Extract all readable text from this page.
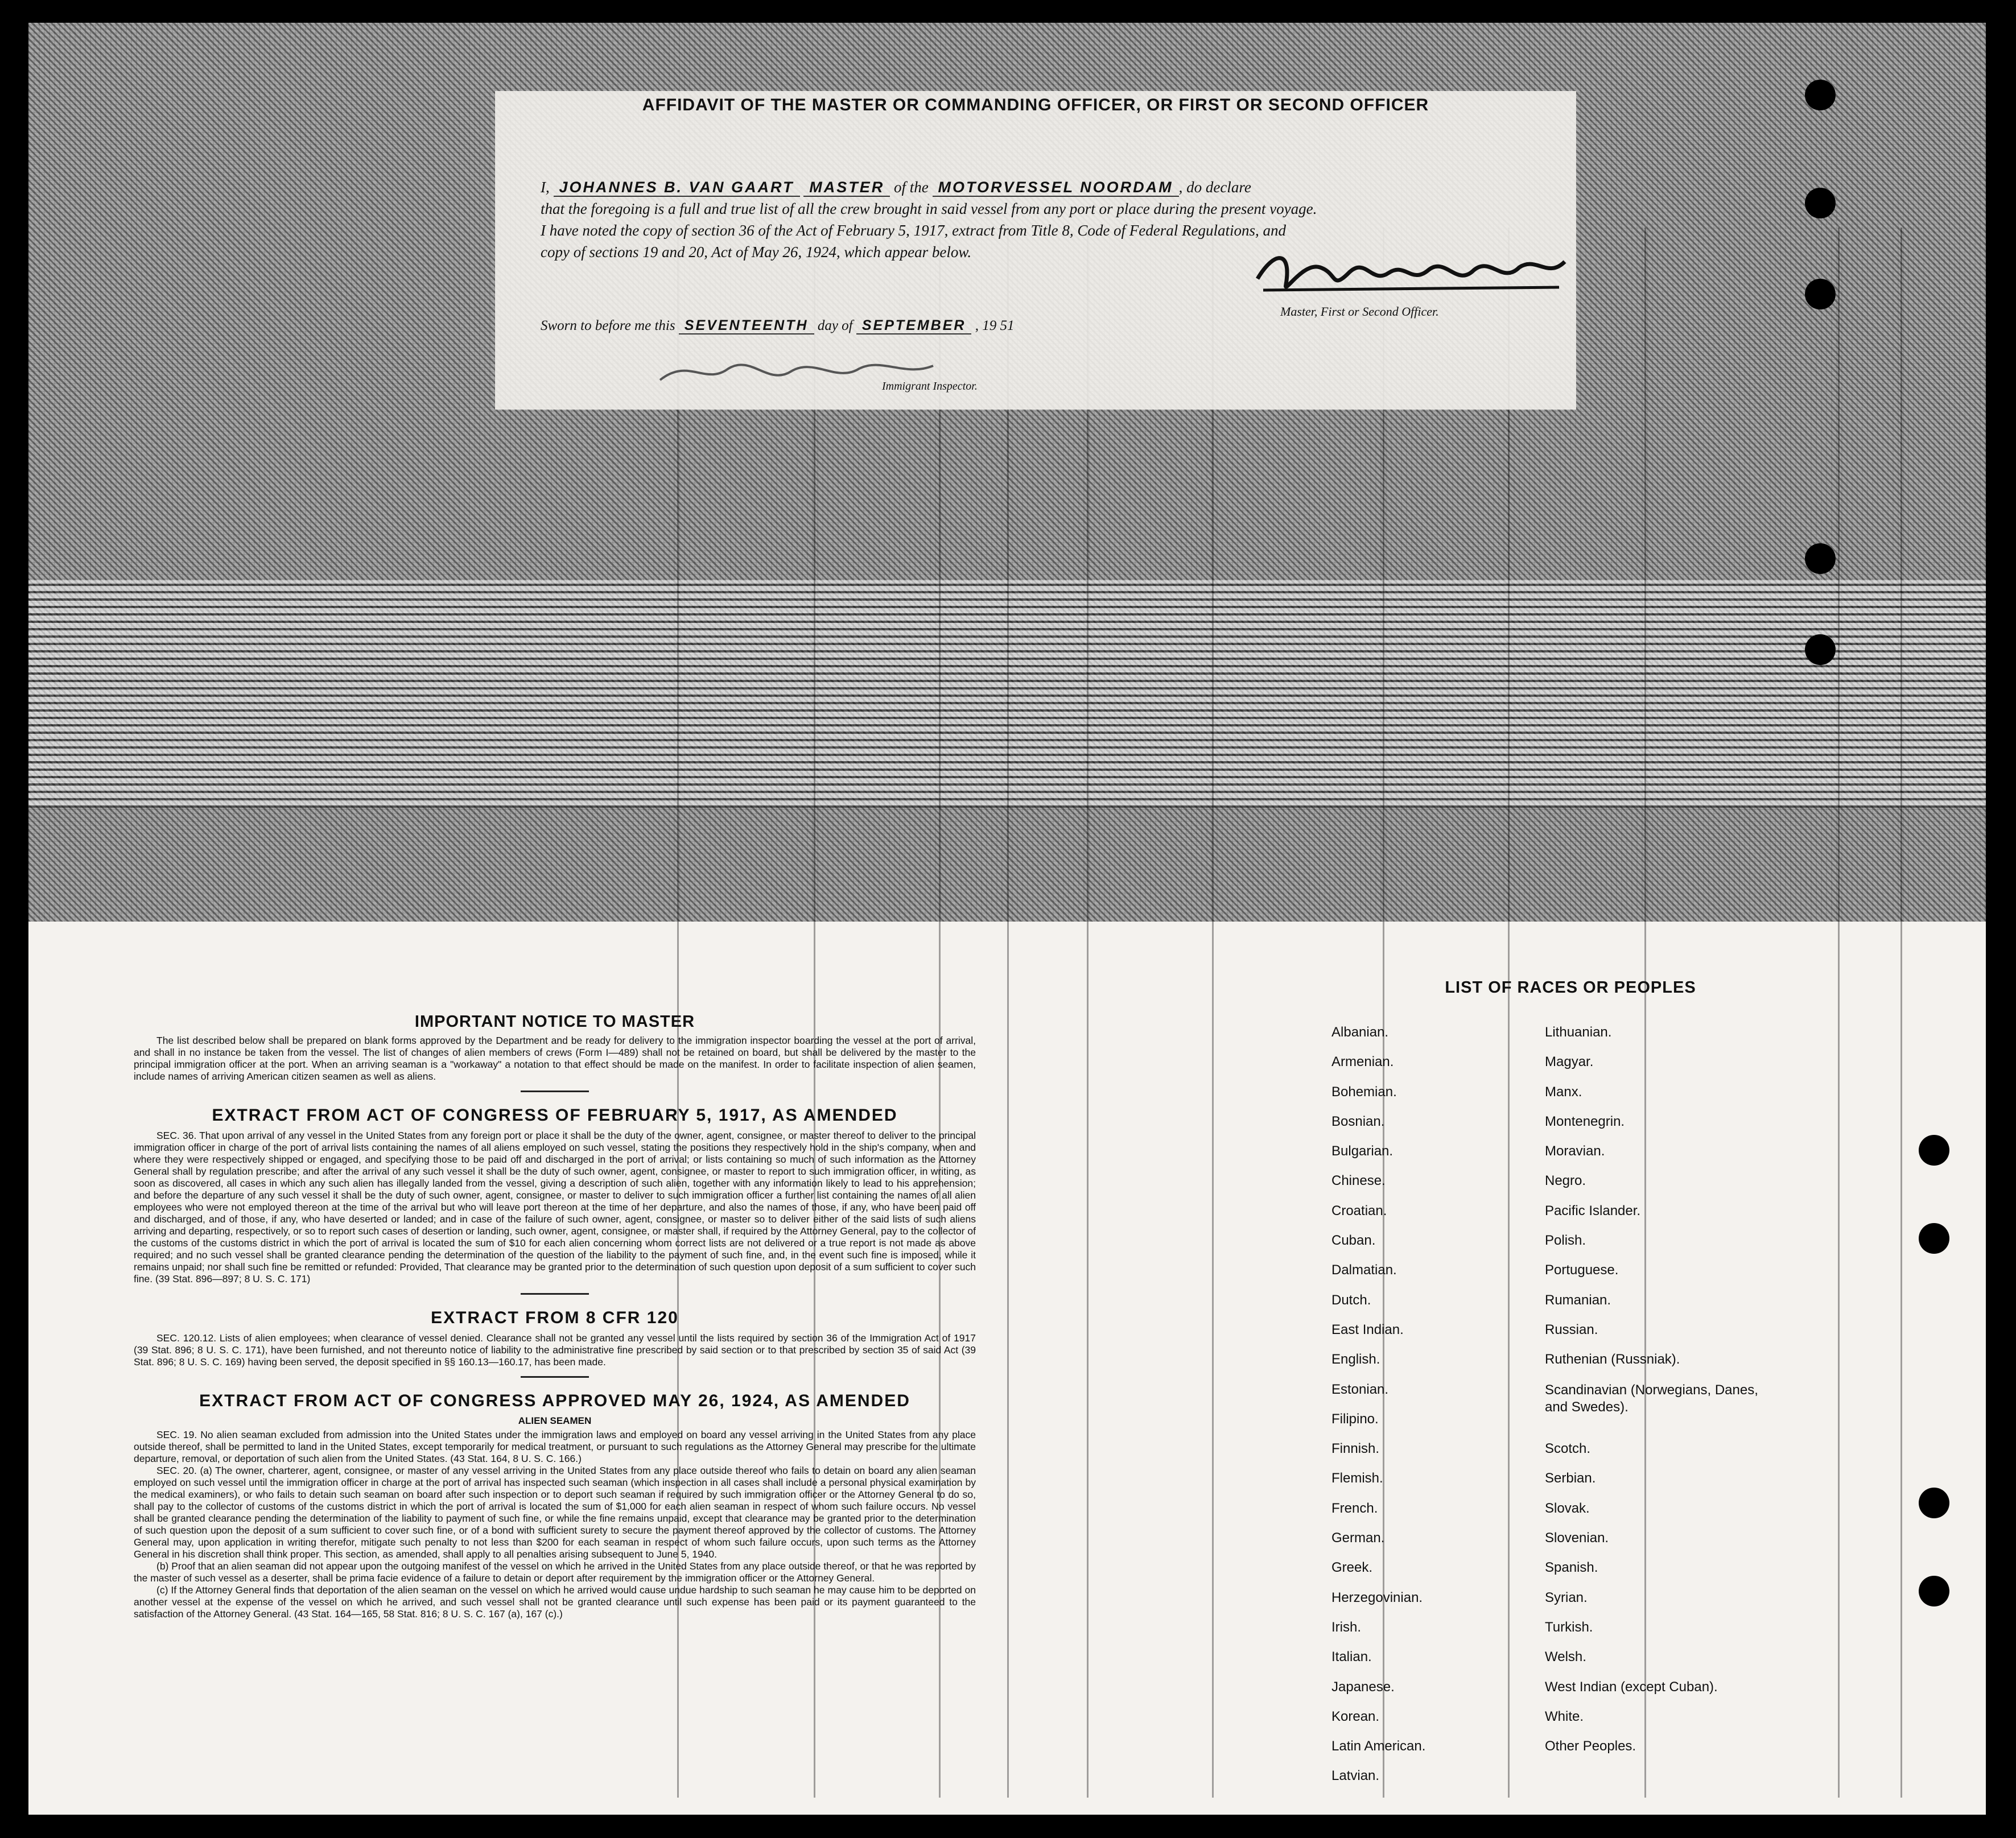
AFFIDAVIT OF THE MASTER OR COMMANDING OFFICER, OR FIRST OR SECOND OFFICER
I, JOHANNES B. VAN GAART MASTER of the MOTORVESSEL NOORDAM , do declare
that the foregoing is a full and true list of all the crew brought in said vessel from any port or place during the present voyage.
I have noted the copy of section 36 of the Act of February 5, 1917, extract from Title 8, Code of Federal Regulations, and
copy of sections 19 and 20, Act of May 26, 1924, which appear below.
Master, First or Second Officer.
Sworn to before me this SEVENTEENTH day of SEPTEMBER , 19 51
Immigrant Inspector.
IMPORTANT NOTICE TO MASTER

The list described below shall be prepared on blank forms approved by the Department and be ready for delivery to the immigration inspector boarding the vessel at the port of arrival, and shall in no instance be taken from the vessel. The list of changes of alien members of crews (Form I—489) shall not be retained on board, but shall be delivered by the master to the principal immigration officer at the port. When an arriving seaman is a "workaway" a notation to that effect should be made on the manifest. In order to facilitate inspection of alien seamen, include names of arriving American citizen seamen as well as aliens.

EXTRACT FROM ACT OF CONGRESS OF FEBRUARY 5, 1917, AS AMENDED

SEC. 36. That upon arrival of any vessel in the United States from any foreign port or place it shall be the duty of the owner, agent, consignee, or master thereof to deliver to the principal immigration officer in charge of the port of arrival lists containing the names of all aliens employed on such vessel, stating the positions they respectively hold in the ship's company, when and where they were respectively shipped or engaged, and specifying those to be paid off and discharged in the port of arrival; or lists containing so much of such information as the Attorney General shall by regulation prescribe; and after the arrival of any such vessel it shall be the duty of such owner, agent, consignee, or master to report to such immigration officer, in writing, as soon as discovered, all cases in which any such alien has illegally landed from the vessel, giving a description of such alien, together with any information likely to lead to his apprehension; and before the departure of any such vessel it shall be the duty of such owner, agent, consignee, or master to deliver to such immigration officer a further list containing the names of all alien employees who were not employed thereon at the time of the arrival but who will leave port thereon at the time of her departure, and also the names of those, if any, who have been paid off and discharged, and of those, if any, who have deserted or landed; and in case of the failure of such owner, agent, consignee, or master so to deliver either of the said lists of such aliens arriving and departing, respectively, or so to report such cases of desertion or landing, such owner, agent, consignee, or master shall, if required by the Attorney General, pay to the collector of the customs of the customs district in which the port of arrival is located the sum of $10 for each alien concerning whom correct lists are not delivered or a true report is not made as above required; and no such vessel shall be granted clearance pending the determination of the question of the liability to the payment of such fine, and, in the event such fine is imposed, while it remains unpaid; nor shall such fine be remitted or refunded: Provided, That clearance may be granted prior to the determination of such question upon deposit of a sum sufficient to cover such fine. (39 Stat. 896—897; 8 U. S. C. 171)

EXTRACT FROM 8 CFR 120

SEC. 120.12. Lists of alien employees; when clearance of vessel denied. Clearance shall not be granted any vessel until the lists required by section 36 of the Immigration Act of 1917 (39 Stat. 896; 8 U. S. C. 171), have been furnished, and not thereunto notice of liability to the administrative fine prescribed by said section or to that prescribed by section 35 of said Act (39 Stat. 896; 8 U. S. C. 169) having been served, the deposit specified in §§ 160.13—160.17, has been made.

EXTRACT FROM ACT OF CONGRESS APPROVED MAY 26, 1924, AS AMENDED
ALIEN SEAMEN

SEC. 19. No alien seaman excluded from admission into the United States under the immigration laws and employed on board any vessel arriving in the United States from any place outside thereof, shall be permitted to land in the United States, except temporarily for medical treatment, or pursuant to such regulations as the Attorney General may prescribe for the ultimate departure, removal, or deportation of such alien from the United States. (43 Stat. 164, 8 U. S. C. 166.)

SEC. 20. (a) The owner, charterer, agent, consignee, or master of any vessel arriving in the United States from any place outside thereof who fails to detain on board any alien seaman employed on such vessel until the immigration officer in charge at the port of arrival has inspected such seaman (which inspection in all cases shall include a personal physical examination by the medical examiners), or who fails to detain such seaman on board after such inspection or to deport such seaman if required by such immigration officer or the Attorney General to do so, shall pay to the collector of customs of the customs district in which the port of arrival is located the sum of $1,000 for each alien seaman in respect of whom such failure occurs. No vessel shall be granted clearance pending the determination of the liability to payment of such fine, or while the fine remains unpaid, except that clearance may be granted prior to the determination of such question upon the deposit of a sum sufficient to cover such fine, or of a bond with sufficient surety to secure the payment thereof approved by the collector of customs. The Attorney General may, upon application in writing therefor, mitigate such penalty to not less than $200 for each seaman in respect of whom such failure occurs, upon such terms as the Attorney General in his discretion shall think proper. This section, as amended, shall apply to all penalties arising subsequent to June 5, 1940.

(b) Proof that an alien seaman did not appear upon the outgoing manifest of the vessel on which he arrived in the United States from any place outside thereof, or that he was reported by the master of such vessel as a deserter, shall be prima facie evidence of a failure to detain or deport after requirement by the immigration officer or the Attorney General.

(c) If the Attorney General finds that deportation of the alien seaman on the vessel on which he arrived would cause undue hardship to such seaman he may cause him to be deported on another vessel at the expense of the vessel on which he arrived, and such vessel shall not be granted clearance until such expense has been paid or its payment guaranteed to the satisfaction of the Attorney General. (43 Stat. 164—165, 58 Stat. 816; 8 U. S. C. 167 (a), 167 (c).)

LIST OF RACES OR PEOPLES
Albanian.
Armenian.
Bohemian.
Bosnian.
Bulgarian.
Chinese.
Croatian.
Cuban.
Dalmatian.
Dutch.
East Indian.
English.
Estonian.
Filipino.
Finnish.
Flemish.
French.
German.
Greek.
Herzegovinian.
Irish.
Italian.
Japanese.
Korean.
Latin American.
Latvian.
Lithuanian.
Magyar.
Manx.
Montenegrin.
Moravian.
Negro.
Pacific Islander.
Polish.
Portuguese.
Rumanian.
Russian.
Ruthenian (Russniak).
Scandinavian (Norwegians, Danes, and Swedes).
Scotch.
Serbian.
Slovak.
Slovenian.
Spanish.
Syrian.
Turkish.
Welsh.
West Indian (except Cuban).
White.
Other Peoples.
